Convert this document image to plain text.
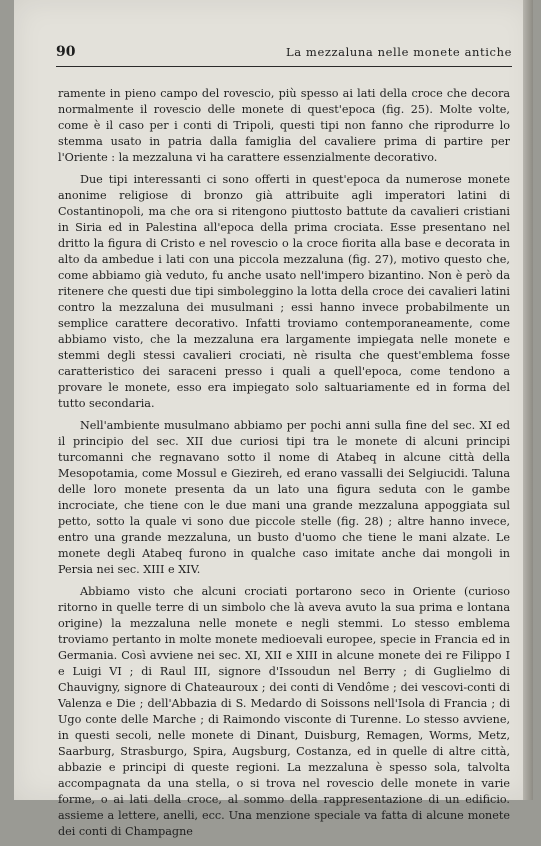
90	La mezzaluna nelle monete antiche

ramente in pieno campo del rovescio, più spesso ai lati della croce che decora normalmente il rovescio delle monete di quest'epoca (fig. 25). Molte volte, come è il caso per i conti di Tripoli, questi tipi non fanno che riprodurre lo stemma usato in patria dalla famiglia del cavaliere prima di partire per l'Oriente : la mezzaluna vi ha carattere essenzialmente decorativo.

Due tipi interessanti ci sono offerti in quest'epoca da numerose monete anonime religiose di bronzo già attribuite agli imperatori latini di Costantinopoli, ma che ora si ritengono piuttosto battute da cavalieri cristiani in Siria ed in Palestina all'epoca della prima crociata. Esse presentano nel dritto la figura di Cristo e nel rovescio o la croce fiorita alla base e decorata in alto da ambedue i lati con una piccola mezzaluna (fig. 27), motivo questo che, come abbiamo già veduto, fu anche usato nell'impero bizantino. Non è però da ritenere che questi due tipi simboleggino la lotta della croce dei cavalieri latini contro la mezzaluna dei musulmani ; essi hanno invece probabilmente un semplice carattere decorativo. Infatti troviamo contemporaneamente, come abbiamo visto, che la mezzaluna era largamente impiegata nelle monete e stemmi degli stessi cavalieri crociati, nè risulta che quest'emblema fosse caratteristico dei saraceni presso i quali a quell'epoca, come tendono a provare le monete, esso era impiegato solo saltuariamente ed in forma del tutto secondaria.

Nell'ambiente musulmano abbiamo per pochi anni sulla fine del sec. XI ed il principio del sec. XII due curiosi tipi tra le monete di alcuni principi turcomanni che regnavano sotto il nome di Atabeq in alcune città della Mesopotamia, come Mossul e Giezireh, ed erano vassalli dei Selgiucidi. Taluna delle loro monete presenta da un lato una figura seduta con le gambe incrociate, che tiene con le due mani una grande mezzaluna appoggiata sul petto, sotto la quale vi sono due piccole stelle (fig. 28) ; altre hanno invece, entro una grande mezzaluna, un busto d'uomo che tiene le mani alzate. Le monete degli Atabeq furono in qualche caso imitate anche dai mongoli in Persia nei sec. XIII e XIV.

Abbiamo visto che alcuni crociati portarono seco in Oriente (curioso ritorno in quelle terre di un simbolo che là aveva avuto la sua prima e lontana origine) la mezzaluna nelle monete e negli stemmi. Lo stesso emblema troviamo pertanto in molte monete medioevali europee, specie in Francia ed in Germania. Così avviene nei sec. XI, XII e XIII in alcune monete dei re Filippo I e Luigi VI ; di Raul III, signore d'Issoudun nel Berry ; di Guglielmo di Chauvigny, signore di Chateauroux ; dei conti di Vendôme ; dei vescovi-conti di Valenza e Die ; dell'Abbazia di S. Medardo di Soissons nell'Isola di Francia ; di Ugo conte delle Marche ; di Raimondo visconte di Turenne. Lo stesso avviene, in questi secoli, nelle monete di Dinant, Duisburg, Remagen, Worms, Metz, Saarburg, Strasburgo, Spira, Augsburg, Costanza, ed in quelle di altre città, abbazie e principi di queste regioni. La mezzaluna è spesso sola, talvolta accompagnata da una stella, o si trova nel rovescio delle monete in varie forme, o ai lati della croce, al sommo della rappresentazione di un edificio. assieme a lettere, anelli, ecc. Una menzione speciale va fatta di alcune monete dei conti di Champagne
